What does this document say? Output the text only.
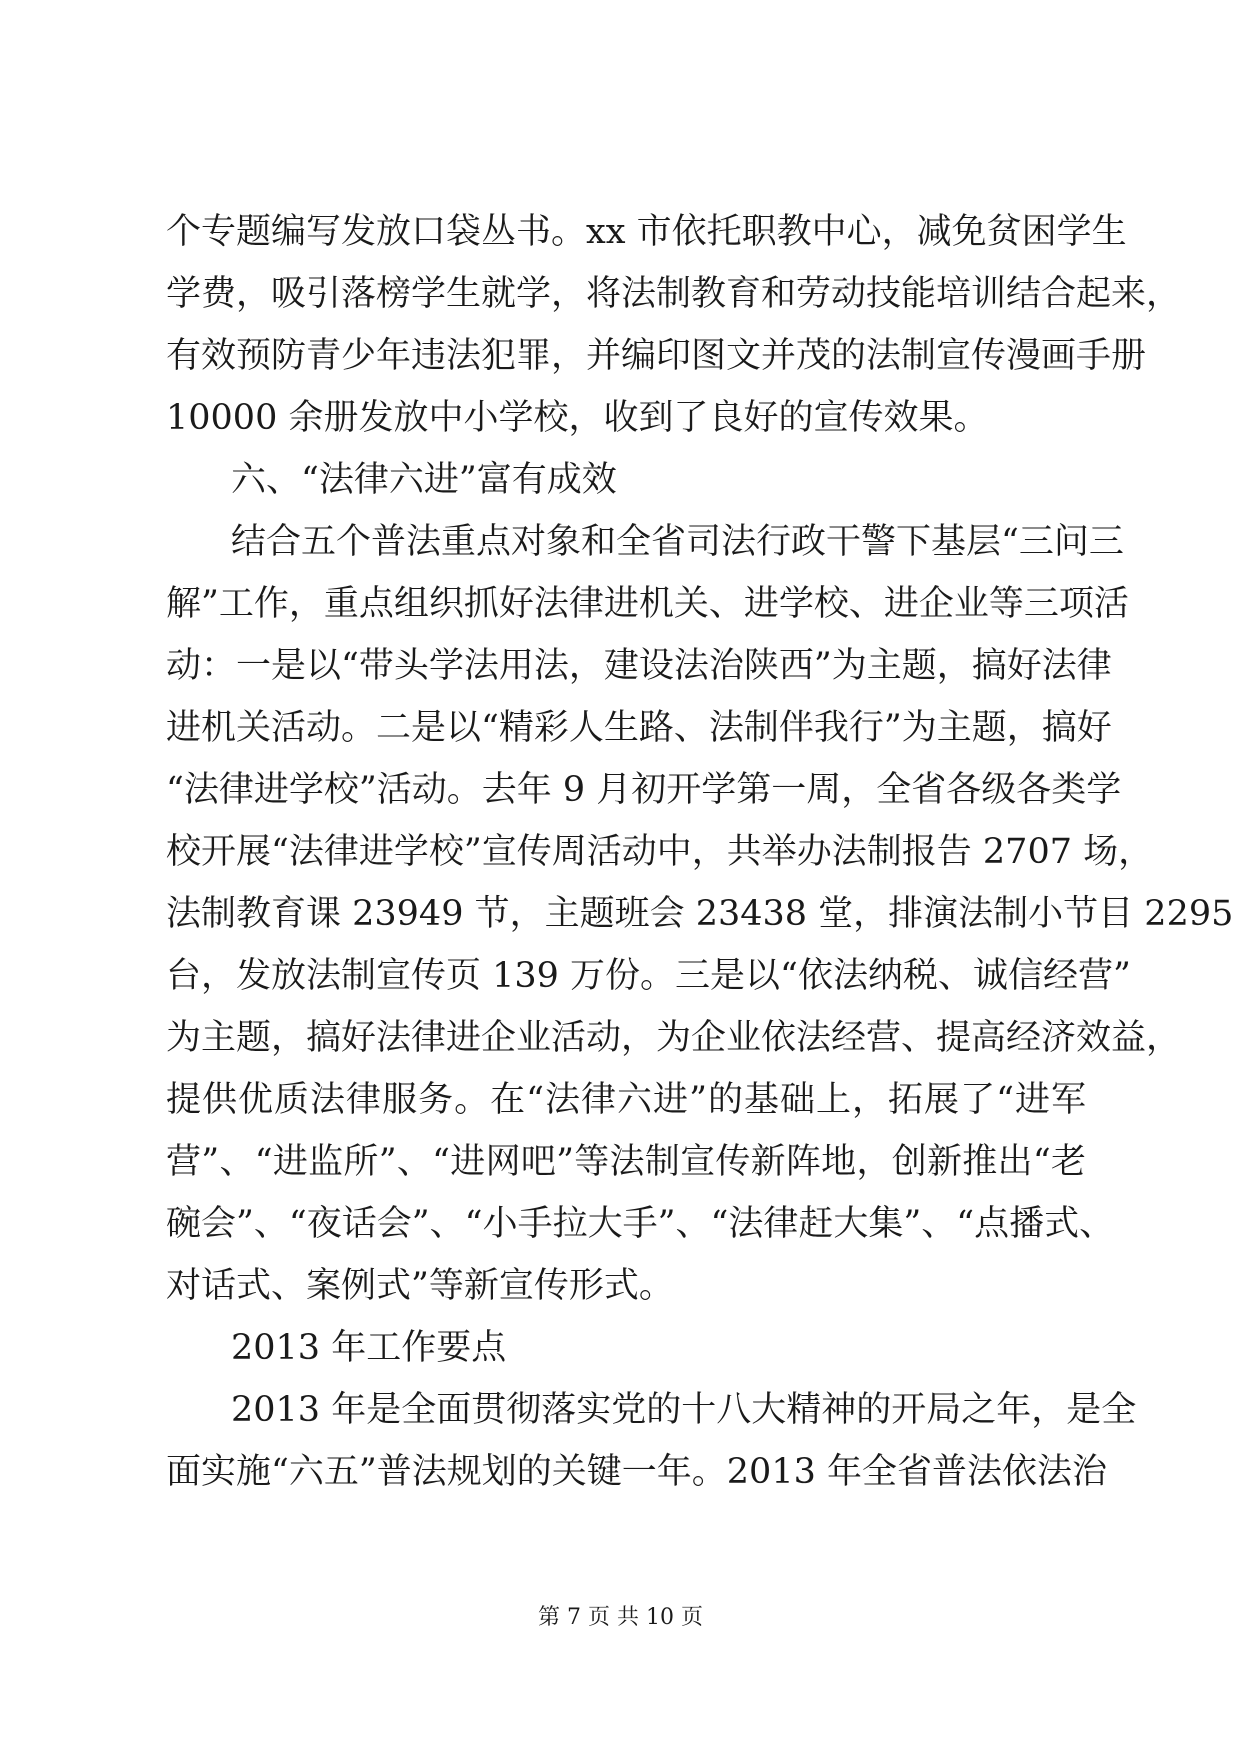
个专题编写发放口袋丛书。xx 市依托职教中心，减免贫困学生
学费，吸引落榜学生就学，将法制教育和劳动技能培训结合起来，
有效预防青少年违法犯罪，并编印图文并茂的法制宣传漫画手册
10000 余册发放中小学校，收到了良好的宣传效果。
六、“法律六进”富有成效
结合五个普法重点对象和全省司法行政干警下基层“三问三
解”工作，重点组织抓好法律进机关、进学校、进企业等三项活
动：一是以“带头学法用法，建设法治陕西”为主题，搞好法律
进机关活动。二是以“精彩人生路、法制伴我行”为主题，搞好
“法律进学校”活动。去年 9 月初开学第一周，全省各级各类学
校开展“法律进学校”宣传周活动中，共举办法制报告 2707 场，
法制教育课 23949 节，主题班会 23438 堂，排演法制小节目 2295
台，发放法制宣传页 139 万份。三是以“依法纳税、诚信经营”
为主题，搞好法律进企业活动，为企业依法经营、提高经济效益，
提供优质法律服务。在“法律六进”的基础上，拓展了“进军
营”、“进监所”、“进网吧”等法制宣传新阵地，创新推出“老
碗会”、“夜话会”、“小手拉大手”、“法律赶大集”、“点播式、
对话式、案例式”等新宣传形式。
2013 年工作要点
2013 年是全面贯彻落实党的十八大精神的开局之年，是全
面实施“六五”普法规划的关键一年。2013 年全省普法依法治
第 7 页 共 10 页
